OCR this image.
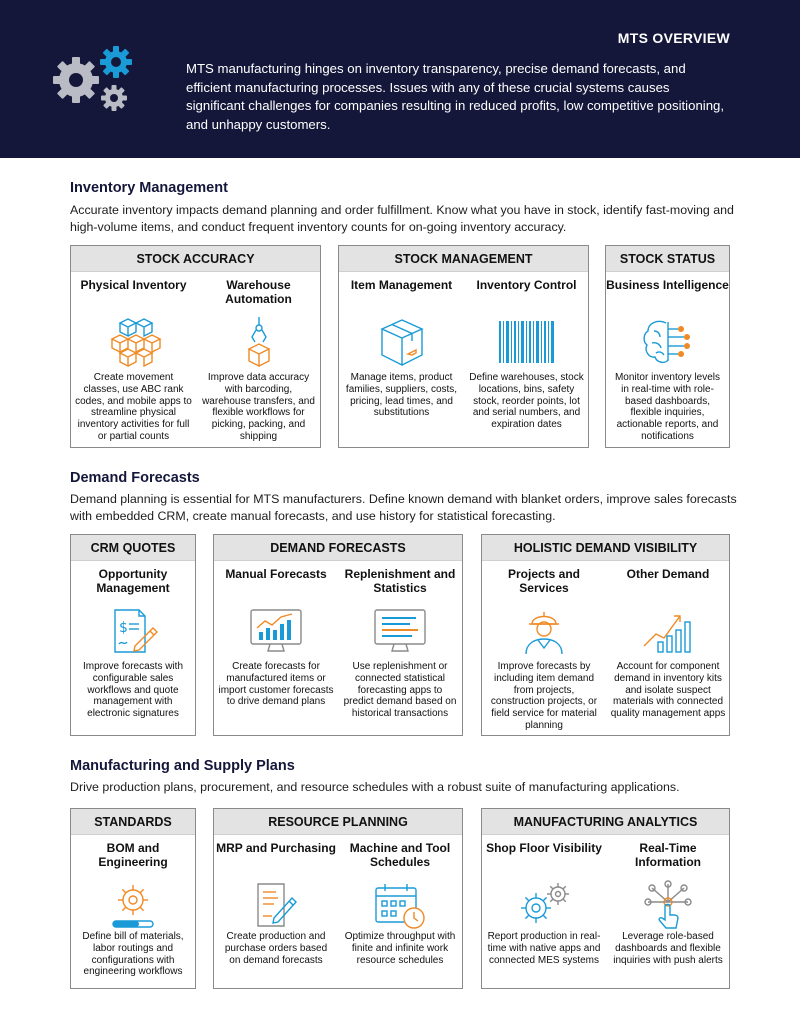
MTS OVERVIEW
MTS manufacturing hinges on inventory transparency, precise demand forecasts, and efficient manufacturing processes. Issues with any of these crucial systems causes significant challenges for companies resulting in reduced profits, low competitive positioning, and unhappy customers.
Inventory Management
Accurate inventory impacts demand planning and order fulfillment. Know what you have in stock, identify fast-moving and high-volume items, and conduct frequent inventory counts for on-going inventory accuracy.
STOCK ACCURACY
Physical Inventory
Create movement classes, use ABC rank codes, and mobile apps to streamline physical inventory activities for full or partial counts
Warehouse Automation
Improve data accuracy with barcoding, warehouse transfers, and flexible workflows for picking, packing, and shipping
STOCK MANAGEMENT
Item Management
Manage items, product families, suppliers, costs, pricing, lead times, and substitutions
Inventory Control
Define warehouses, stock locations, bins, safety stock, reorder points, lot and serial numbers, and expiration dates
STOCK STATUS
Business Intelligence
Monitor inventory levels in real-time with role-based dashboards, flexible inquiries, actionable reports, and notifications
Demand Forecasts
Demand planning is essential for MTS manufacturers. Define known demand with blanket orders, improve sales forecasts with embedded CRM, create manual forecasts, and use history for statistical forecasting.
CRM QUOTES
Opportunity Management
$
Improve forecasts with configurable sales workflows and quote management with electronic signatures
DEMAND FORECASTS
Manual Forecasts
Create forecasts for manufactured items or import customer forecasts to drive demand plans
Replenishment and Statistics
Use replenishment or connected statistical forecasting apps to predict demand based on historical transactions
HOLISTIC DEMAND VISIBILITY
Projects and Services
Improve forecasts by including item demand from projects, construction projects, or field service for material planning
Other Demand
Account for component demand in inventory kits and isolate suspect materials with connected quality management apps
Manufacturing and Supply Plans
Drive production plans, procurement, and resource schedules with a robust suite of manufacturing applications.
STANDARDS
BOM and Engineering
Define bill of materials, labor routings and configurations with engineering workflows
RESOURCE PLANNING
MRP and Purchasing
Create production and purchase orders based on demand forecasts
Machine and Tool Schedules
Optimize throughput with finite and infinite work resource schedules
MANUFACTURING ANALYTICS
Shop Floor Visibility
Report production in real-time with native apps and connected MES systems
Real-Time Information
Leverage role-based dashboards and flexible inquiries with push alerts
